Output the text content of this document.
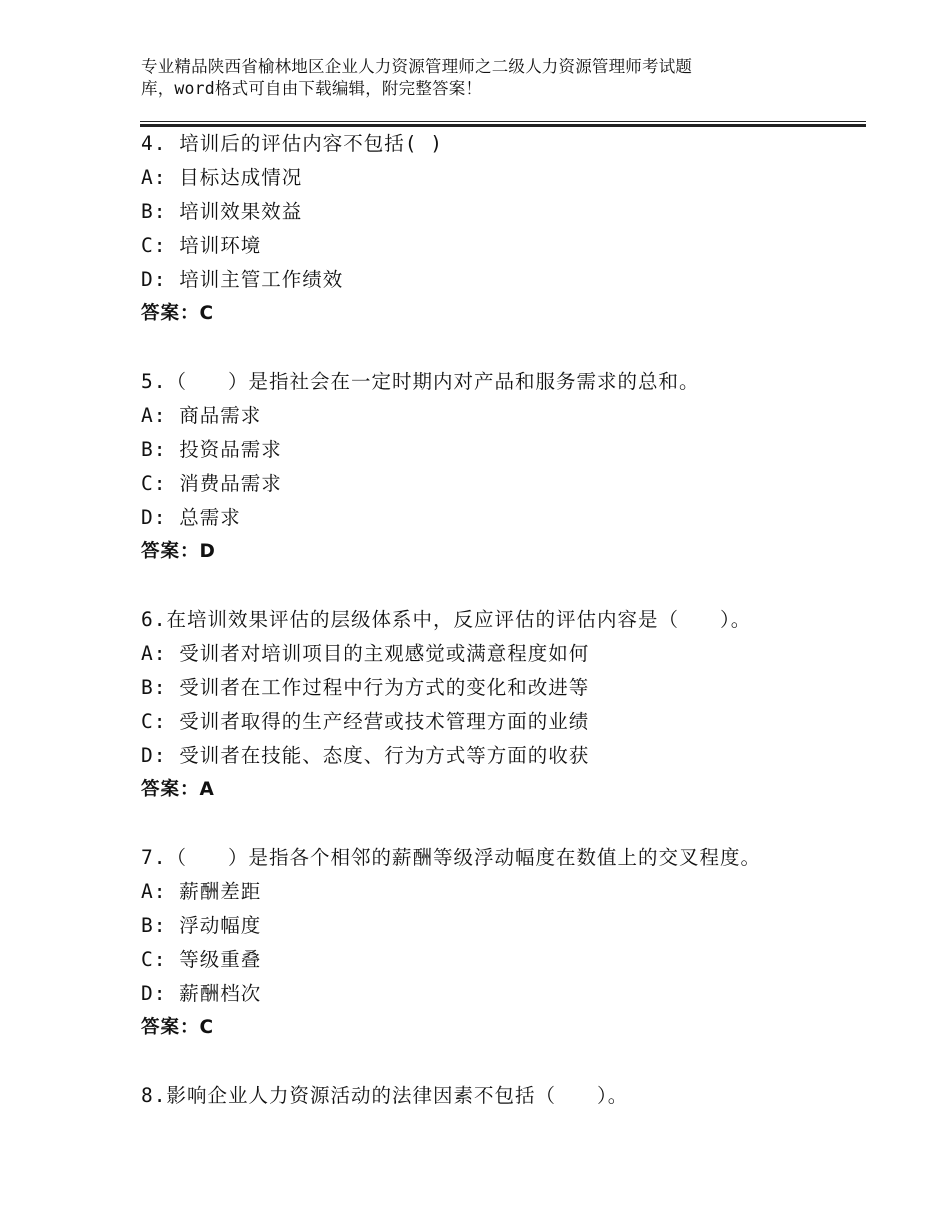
专业精品陕西省榆林地区企业人力资源管理师之二级人力资源管理师考试题
库，word格式可自由下载编辑，附完整答案！
4. 培训后的评估内容不包括( )
A: 目标达成情况
B: 培训效果效益
C: 培训环境
D: 培训主管工作绩效
答案：C
5.（　　）是指社会在一定时期内对产品和服务需求的总和。
A: 商品需求
B: 投资品需求
C: 消费品需求
D: 总需求
答案：D
6.在培训效果评估的层级体系中，反应评估的评估内容是（　　）。
A: 受训者对培训项目的主观感觉或满意程度如何
B: 受训者在工作过程中行为方式的变化和改进等
C: 受训者取得的生产经营或技术管理方面的业绩
D: 受训者在技能、态度、行为方式等方面的收获
答案：A
7.（　　）是指各个相邻的薪酬等级浮动幅度在数值上的交叉程度。
A: 薪酬差距
B: 浮动幅度
C: 等级重叠
D: 薪酬档次
答案：C
8.影响企业人力资源活动的法律因素不包括（　　）。
